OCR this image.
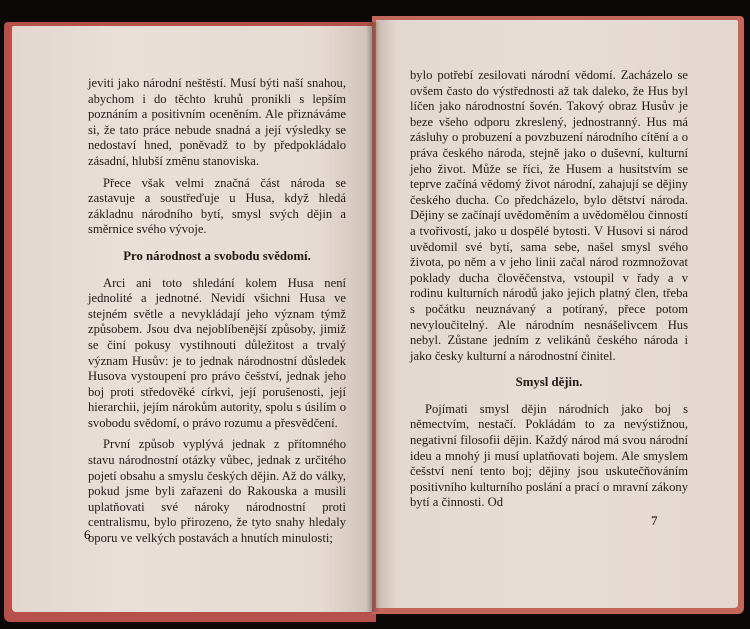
jeviti jako národní neštěstí. Musí býti naší snahou, abychom i do těchto kruhů pronikli s lepším poznáním a positivním oceněním. Ale přiznáváme si, že tato práce nebude snadná a její výsledky se nedostaví hned, poněvadž to by předpokládalo zásadní, hlubší změnu stanoviska.

Přece však velmi značná část národa se zastavuje a soustřeďuje u Husa, když hledá základnu národního bytí, smysl svých dějin a směrnice svého vývoje.

Pro národnost a svobodu svědomí.

Arci ani toto shledání kolem Husa není jednolité a jednotné. Nevidí všichni Husa ve stejném světle a nevykládají jeho význam týmž způsobem. Jsou dva nejoblíbenější způsoby, jimiž se činí pokusy vystihnouti důležitost a trvalý význam Husův: je to jednak národnostní důsledek Husova vystoupení pro právo češství, jednak jeho boj proti středověké církvi, její porušenosti, její hierarchii, jejím nárokům autority, spolu s úsilím o svobodu svědomí, o právo rozumu a přesvědčení.

První způsob vyplývá jednak z přítomného stavu národnostní otázky vůbec, jednak z určitého pojetí obsahu a smyslu českých dějin. Až do války, pokud jsme byli zařazeni do Rakouska a musili uplatňovati své nároky národnostní proti centralismu, bylo přirozeno, že tyto snahy hledaly oporu ve velkých postavách a hnutích minulosti;

6

bylo potřebí zesilovati národní vědomí. Zacházelo se ovšem často do výstřednosti až tak daleko, že Hus byl líčen jako národnostní šovén. Takový obraz Husův je beze všeho odporu zkreslený, jednostranný. Hus má zásluhy o probuzení a povzbuzení národního cítění a o práva českého národa, stejně jako o duševní, kulturní jeho život. Může se říci, že Husem a husitstvím se teprve začíná vědomý život národní, zahajují se dějiny českého ducha. Co předcházelo, bylo dětství národa. Dějiny se začínají uvědoměním a uvědomělou činností a tvořivostí, jako u dospělé bytosti. V Husovi si národ uvědomil své bytí, sama sebe, našel smysl svého života, po něm a v jeho linii začal národ rozmnožovat poklady ducha člověčenstva, vstoupil v řady a v rodinu kulturních národů jako jejich platný člen, třeba s počátku neuznávaný a potíraný, přece potom nevyloučitelný. Ale národním nesnášelivcem Hus nebyl. Zůstane jedním z velikánů českého národa i jako česky kulturní a národnostní činitel.

Smysl dějin.

Pojímati smysl dějin národních jako boj s němectvím, nestačí. Pokládám to za nevýstižnou, negativní filosofii dějin. Každý národ má svou národní ideu a mnohý ji musí uplatňovati bojem. Ale smyslem češství není tento boj; dějiny jsou uskutečňováním positivního kulturního poslání a prací o mravní zákony bytí a činnosti. Od

7
